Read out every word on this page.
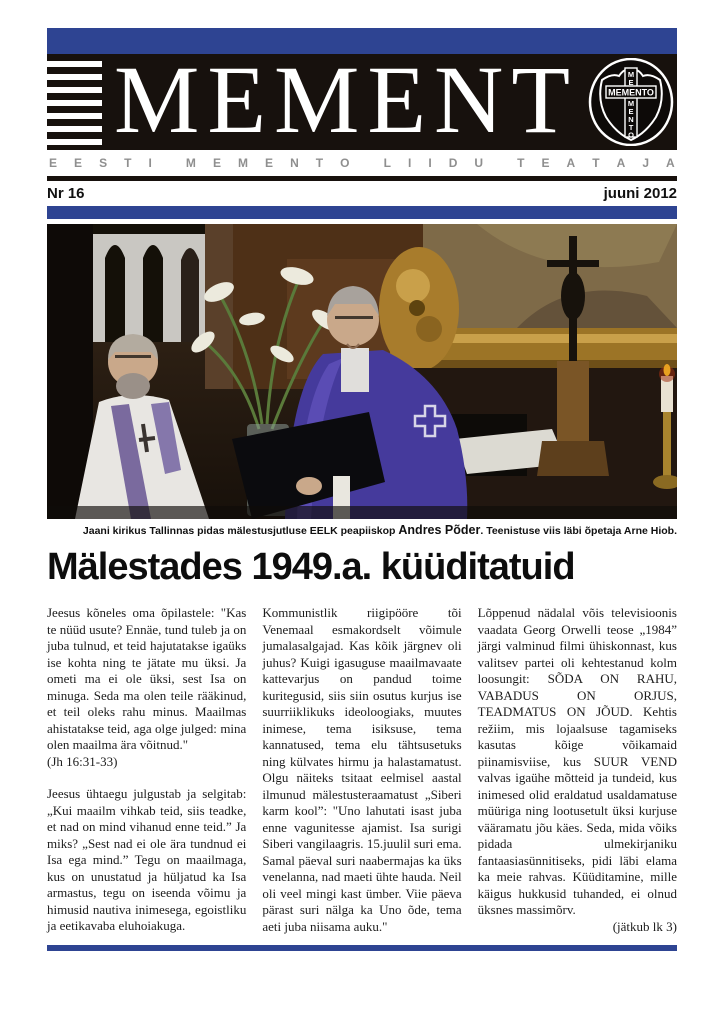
MEMENT	MEMENTO
M
E
M
E
N
T
O
E E S T I	M E M E N T O	L I I D U	T E A T A J A
Nr 16	juuni 2012
Jaani kirikus Tallinnas pidas mälestusjutluse EELK peapiiskop Andres Põder. Teenistuse viis läbi õpetaja Arne Hiob.
Mälestades 1949.a. küüditatuid

Jeesus kõneles oma õpilastele: "Kas te nüüd usute? Ennäe, tund tuleb ja on juba tulnud, et teid hajutatakse igaüks ise kohta ning te jätate mu üksi. Ja ometi ma ei ole üksi, sest Isa on minuga. Seda ma olen teile rääkinud, et teil oleks rahu minus. Maailmas ahistatakse teid, aga olge julged: mina olen maailma ära võitnud."

(Jh 16:31-33)

Jeesus ühtaegu julgustab ja selgitab: „Kui maailm vihkab teid, siis teadke, et nad on mind vihanud enne teid.” Ja miks? „Sest nad ei ole ära tundnud ei Isa ega mind.” Tegu on maailmaga, kus on unustatud ja hüljatud ka Isa armastus, tegu on iseenda võimu ja himusid nautiva inimesega, egoistliku ja eetikavaba eluhoiakuga.

Kommunistlik riigipööre tõi Venemaal esmakordselt võimule jumalasalgajad. Kas kõik järgnev oli juhus? Kuigi igasuguse maailmavaate kattevarjus on pandud toime kuritegusid, siis siin osutus kurjus ise suurriiklikuks ideoloogiaks, muutes inimese, tema isiksuse, tema kannatused, tema elu tähtsusetuks ning külvates hirmu ja halastamatust. Olgu näiteks tsitaat eelmisel aastal ilmunud mälestusteraamatust „Siberi karm kool”: "Uno lahutati isast juba enne vagunitesse ajamist. Isa surigi Siberi vangilaagris. 15.juulil suri ema. Samal päeval suri naabermajas ka üks venelanna, nad maeti ühte hauda. Neil oli veel mingi kast ümber. Viie päeva pärast suri nälga ka Uno õde, tema aeti juba niisama auku."

Lõppenud nädalal võis televisioonis vaadata Georg Orwelli teose „1984” järgi valminud filmi ühiskonnast, kus valitsev partei oli kehtestanud kolm loosungit: SÕDA ON RAHU, VABADUS ON ORJUS, TEADMATUS ON JÕUD. Kehtis režiim, mis lojaalsuse tagamiseks kasutas kõige võikamaid piinamisviise, kus SUUR VEND valvas igaühe mõtteid ja tundeid, kus inimesed olid eraldatud usaldamatuse müüriga ning lootusetult üksi kurjuse vääramatu jõu käes. Seda, mida võiks pidada ulmekirjaniku fantaasiasünnitiseks, pidi läbi elama ka meie rahvas. Küüditamine, mille käigus hukkusid tuhanded, ei olnud üksnes massimõrv.

(jätkub lk 3)
